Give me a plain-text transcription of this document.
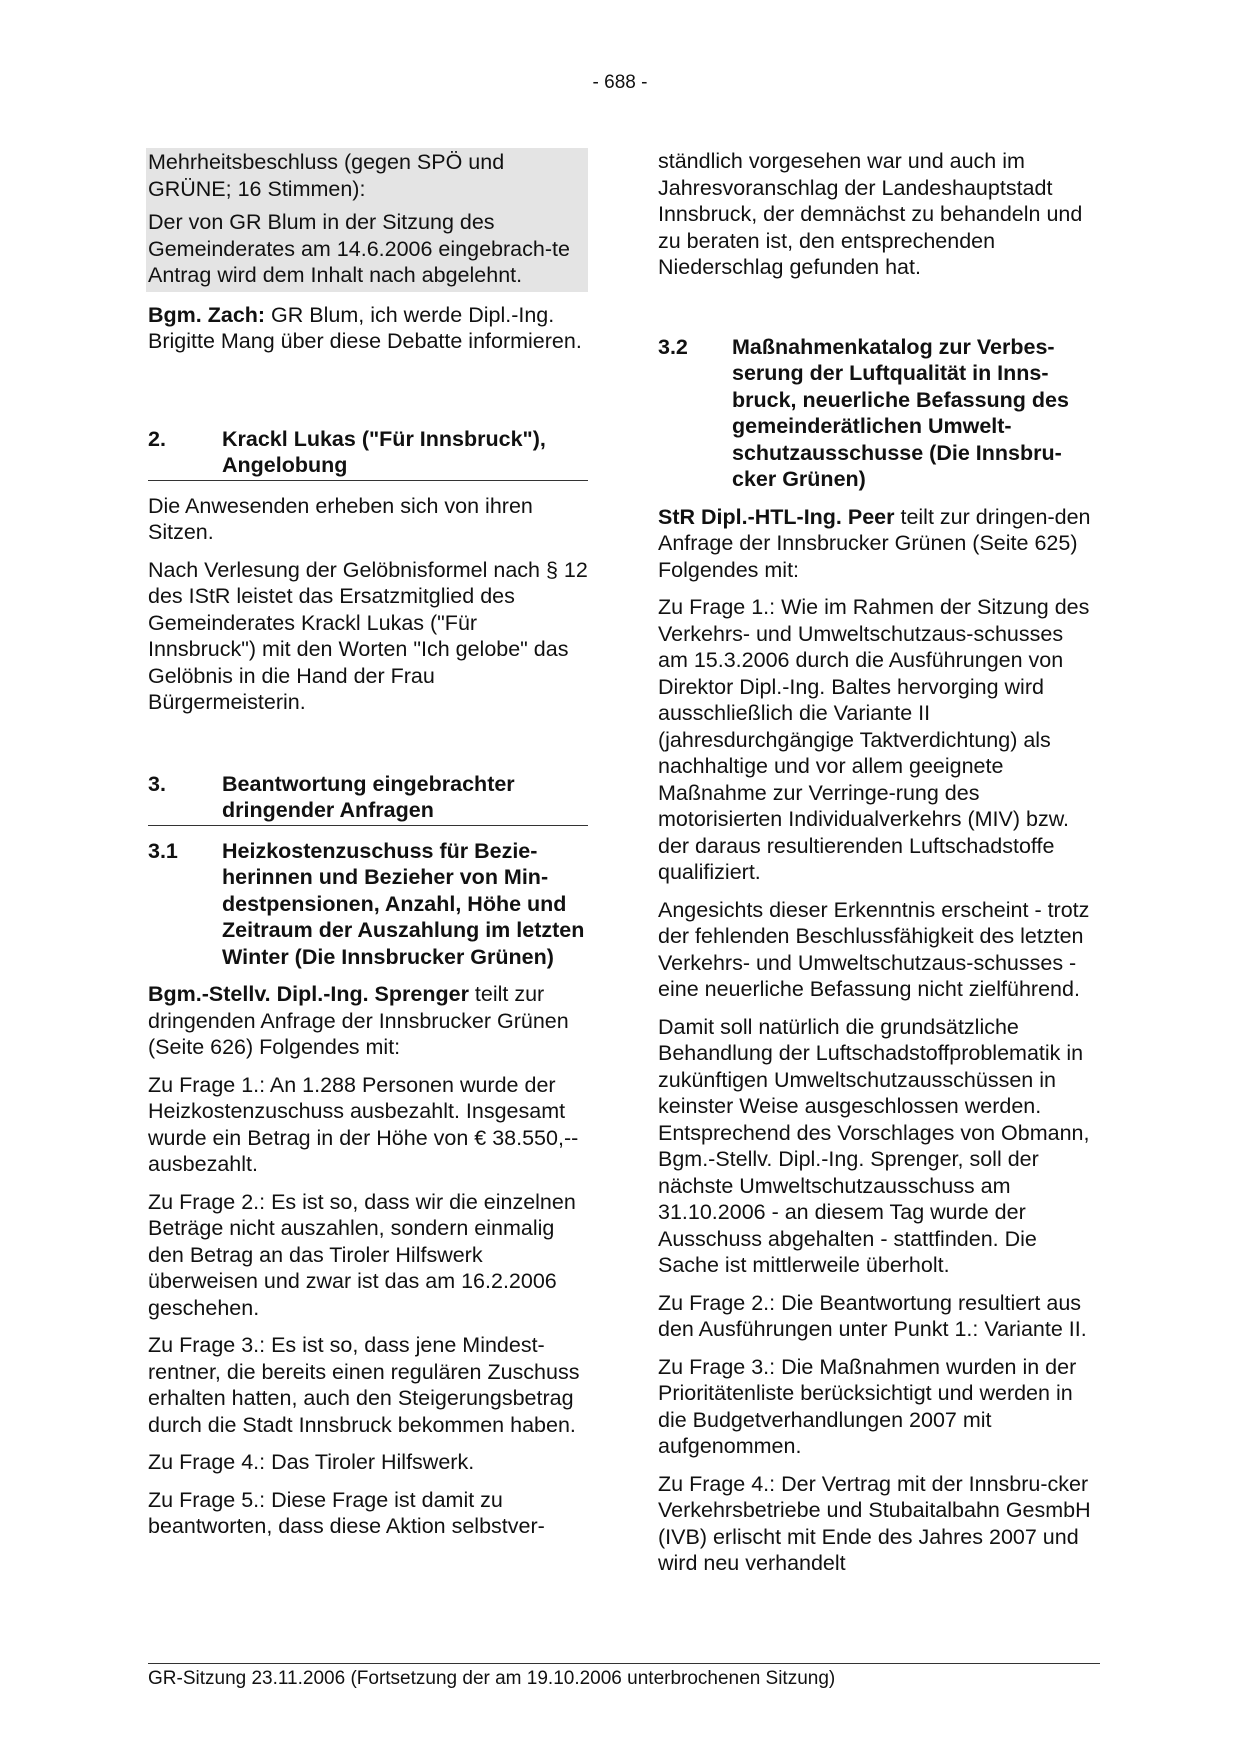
- 688 -

Mehrheitsbeschluss (gegen SPÖ und GRÜNE; 16 Stimmen):

Der von GR Blum in der Sitzung des Gemeinderates am 14.6.2006 eingebrach-te Antrag wird dem Inhalt nach abgelehnt.

Bgm. Zach: GR Blum, ich werde Dipl.-Ing. Brigitte Mang über diese Debatte informieren.

2.	Krackl Lukas ("Für Innsbruck"), Angelobung

Die Anwesenden erheben sich von ihren Sitzen.

Nach Verlesung der Gelöbnisformel nach § 12 des IStR leistet das Ersatzmitglied des Gemeinderates Krackl Lukas ("Für Innsbruck") mit den Worten "Ich gelobe" das Gelöbnis in die Hand der Frau Bürgermeisterin.

3.	Beantwortung eingebrachter dringender Anfragen
3.1	Heizkostenzuschuss für Bezie-herinnen und Bezieher von Min-destpensionen, Anzahl, Höhe und Zeitraum der Auszahlung im letzten Winter (Die Innsbrucker Grünen)

Bgm.-Stellv. Dipl.-Ing. Sprenger teilt zur dringenden Anfrage der Innsbrucker Grünen (Seite 626) Folgendes mit:

Zu Frage 1.: An 1.288 Personen wurde der Heizkostenzuschuss ausbezahlt. Insgesamt wurde ein Betrag in der Höhe von € 38.550,-- ausbezahlt.

Zu Frage 2.: Es ist so, dass wir die einzelnen Beträge nicht auszahlen, sondern einmalig den Betrag an das Tiroler Hilfswerk überweisen und zwar ist das am 16.2.2006 geschehen.

Zu Frage 3.: Es ist so, dass jene Mindest-rentner, die bereits einen regulären Zuschuss erhalten hatten, auch den Steigerungsbetrag durch die Stadt Innsbruck bekommen haben.

Zu Frage 4.: Das Tiroler Hilfswerk.

Zu Frage 5.: Diese Frage ist damit zu beantworten, dass diese Aktion selbstver-

ständlich vorgesehen war und auch im Jahresvoranschlag der Landeshauptstadt Innsbruck, der demnächst zu behandeln und zu beraten ist, den entsprechenden Niederschlag gefunden hat.

3.2	Maßnahmenkatalog zur Verbes-serung der Luftqualität in Inns-bruck, neuerliche Befassung des gemeinderätlichen Umwelt-schutzausschusse (Die Innsbru-cker Grünen)

StR Dipl.-HTL-Ing. Peer teilt zur dringen-den Anfrage der Innsbrucker Grünen (Seite 625) Folgendes mit:

Zu Frage 1.: Wie im Rahmen der Sitzung des Verkehrs- und Umweltschutzaus-schusses am 15.3.2006 durch die Ausführungen von Direktor Dipl.-Ing. Baltes hervorging wird ausschließlich die Variante II (jahresdurchgängige Taktverdichtung) als nachhaltige und vor allem geeignete Maßnahme zur Verringe-rung des motorisierten Individualverkehrs (MIV) bzw. der daraus resultierenden Luftschadstoffe qualifiziert.

Angesichts dieser Erkenntnis erscheint - trotz der fehlenden Beschlussfähigkeit des letzten Verkehrs- und Umweltschutzaus-schusses - eine neuerliche Befassung nicht zielführend.

Damit soll natürlich die grundsätzliche Behandlung der Luftschadstoffproblematik in zukünftigen Umweltschutzausschüssen in keinster Weise ausgeschlossen werden. Entsprechend des Vorschlages von Obmann, Bgm.-Stellv. Dipl.-Ing. Sprenger, soll der nächste Umweltschutzausschuss am 31.10.2006 - an diesem Tag wurde der Ausschuss abgehalten - stattfinden. Die Sache ist mittlerweile überholt.

Zu Frage 2.: Die Beantwortung resultiert aus den Ausführungen unter Punkt 1.: Variante II.

Zu Frage 3.: Die Maßnahmen wurden in der Prioritätenliste berücksichtigt und werden in die Budgetverhandlungen 2007 mit aufgenommen.

Zu Frage 4.: Der Vertrag mit der Innsbru-cker Verkehrsbetriebe und Stubaitalbahn GesmbH (IVB) erlischt mit Ende des Jahres 2007 und wird neu verhandelt

GR-Sitzung 23.11.2006 (Fortsetzung der am 19.10.2006 unterbrochenen Sitzung)
